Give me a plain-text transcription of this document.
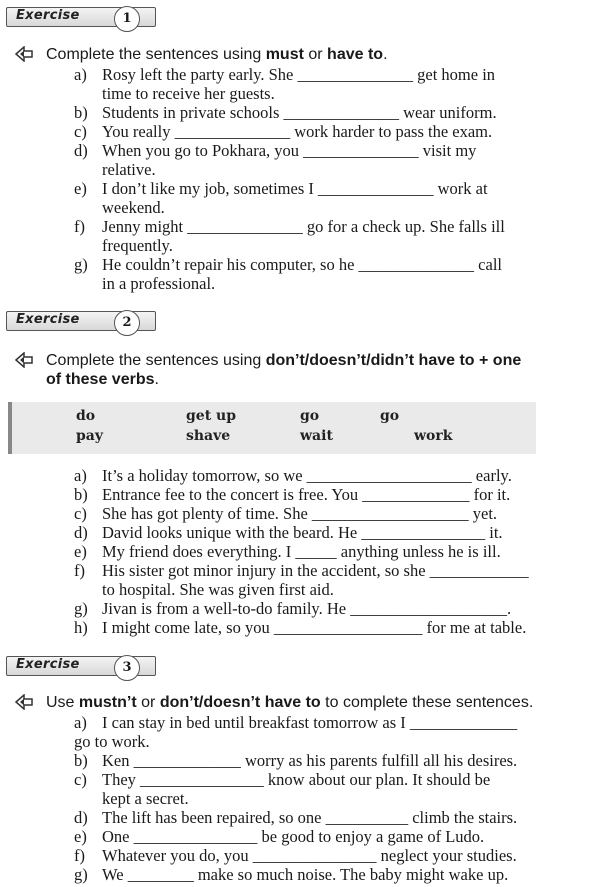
Exercise	1
Complete the sentences using must or have to.
a) Rosy left the party early. She ______________ get home in
time to receive her guests.
b) Students in private schools ______________ wear uniform.
c) You really ______________ work harder to pass the exam.
d) When you go to Pokhara, you ______________ visit my
relative.
e) I don’t like my job, sometimes I ______________ work at
weekend.
f) Jenny might ______________ go for a check up. She falls ill
frequently.
g) He couldn’t repair his computer, so he ______________ call
in a professional.
Exercise	2
Complete the sentences using don’t/doesn’t/didn’t have to + one
of these verbs.
do	get up	go	go
pay	shave	wait	work
a) It’s a holiday tomorrow, so we ____________________ early.
b) Entrance fee to the concert is free. You _____________ for it.
c) She has got plenty of time. She ___________________ yet.
d) David looks unique with the beard. He _______________ it.
e) My friend does everything. I _____ anything unless he is ill.
f) His sister got minor injury in the accident, so she ____________
to hospital. She was given first aid.
g) Jivan is from a well-to-do family. He ___________________.
h) I might come late, so you __________________ for me at table.
Exercise	3
Use mustn’t or don’t/doesn’t have to to complete these sentences.
a) I can stay in bed until breakfast tomorrow as I _____________
go to work.
b) Ken _____________ worry as his parents fulfill all his desires.
c) They _______________ know about our plan. It should be
kept a secret.
d) The lift has been repaired, so one __________ climb the stairs.
e) One _______________ be good to enjoy a game of Ludo.
f) Whatever you do, you _______________ neglect your studies.
g) We ________ make so much noise. The baby might wake up.
